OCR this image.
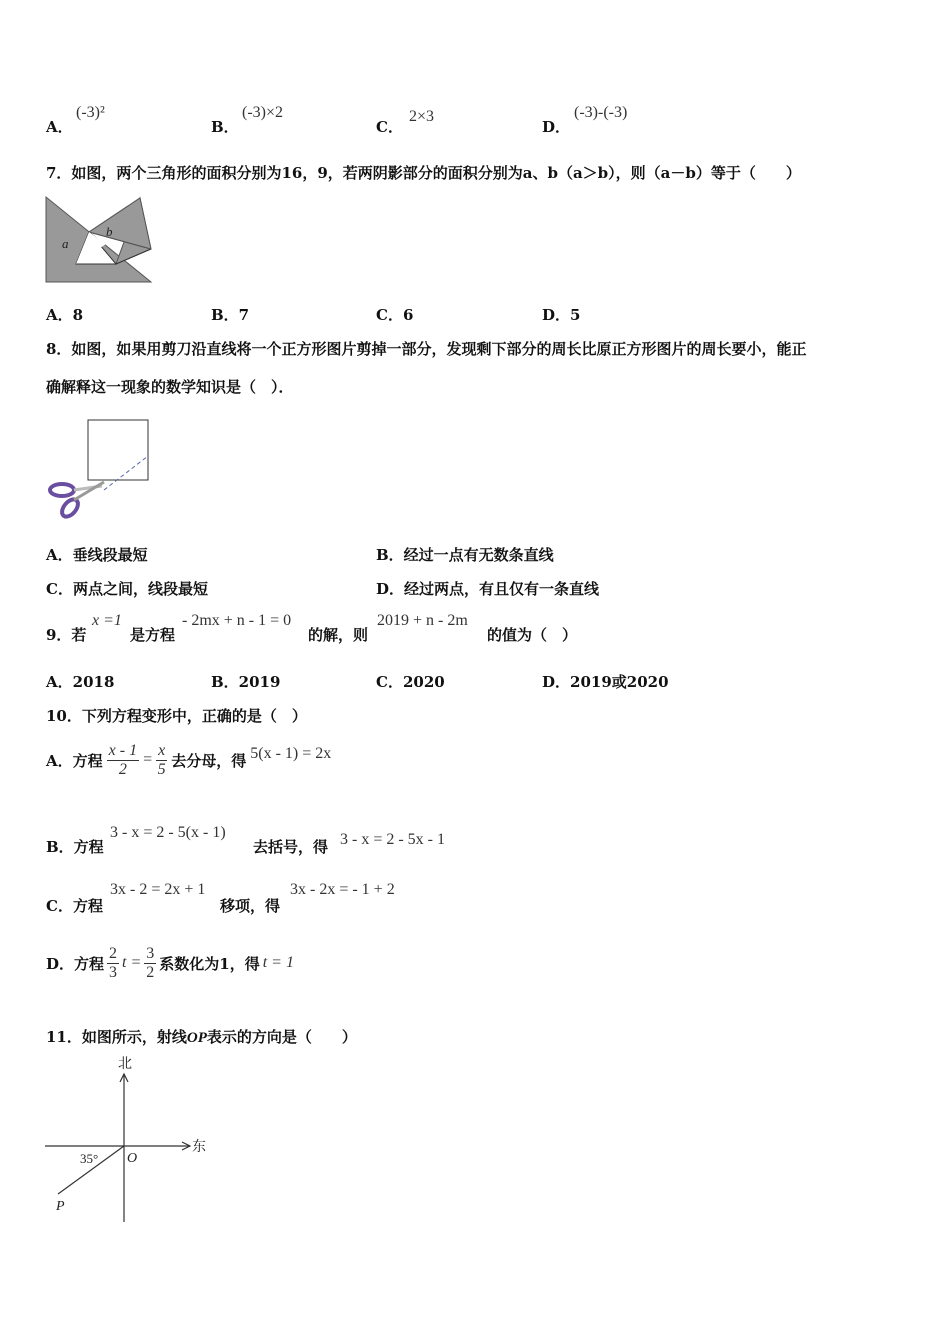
A．
(-3)²
B．
(-3)×2
C．
2×3
D．
(-3)-(-3)
7．如图，两个三角形的面积分别为16，9，若两阴影部分的面积分别为a、b（a＞b），则（a－b）等于（　　）
a
b
A．8	B．7	C．6	D．5
8．如图，如果用剪刀沿直线将一个正方形图片剪掉一部分，发现剩下部分的周长比原正方形图片的周长要小，能正
确解释这一现象的数学知识是（　）．
A．垂线段最短	B．经过一点有无数条直线
C．两点之间，线段最短	D．经过两点，有且仅有一条直线
9．若
x =1
是方程
- 2mx + n - 1 = 0
的解，则
2019 + n - 2m
的值为（　）
A．2018	B．2019	C．2020	D．2019或2020
10．下列方程变形中，正确的是（　）
A．方程 $\frac{x - 1}{2} = \frac{x}{5}$ 去分母，得 5(x - 1) = 2x
B．方程
3 - x = 2 - 5(x - 1)
去括号，得 3 - x = 2 - 5x - 1
C．方程
3x - 2 = 2x + 1
移项，得
3x - 2x = - 1 + 2
D．方程 $\frac{2}{3}$ $t = \frac{3}{2}$ 系数化为1，得 t = 1
11．如图所示，射线OP表示的方向是（　　）
北
东
35° O
P
